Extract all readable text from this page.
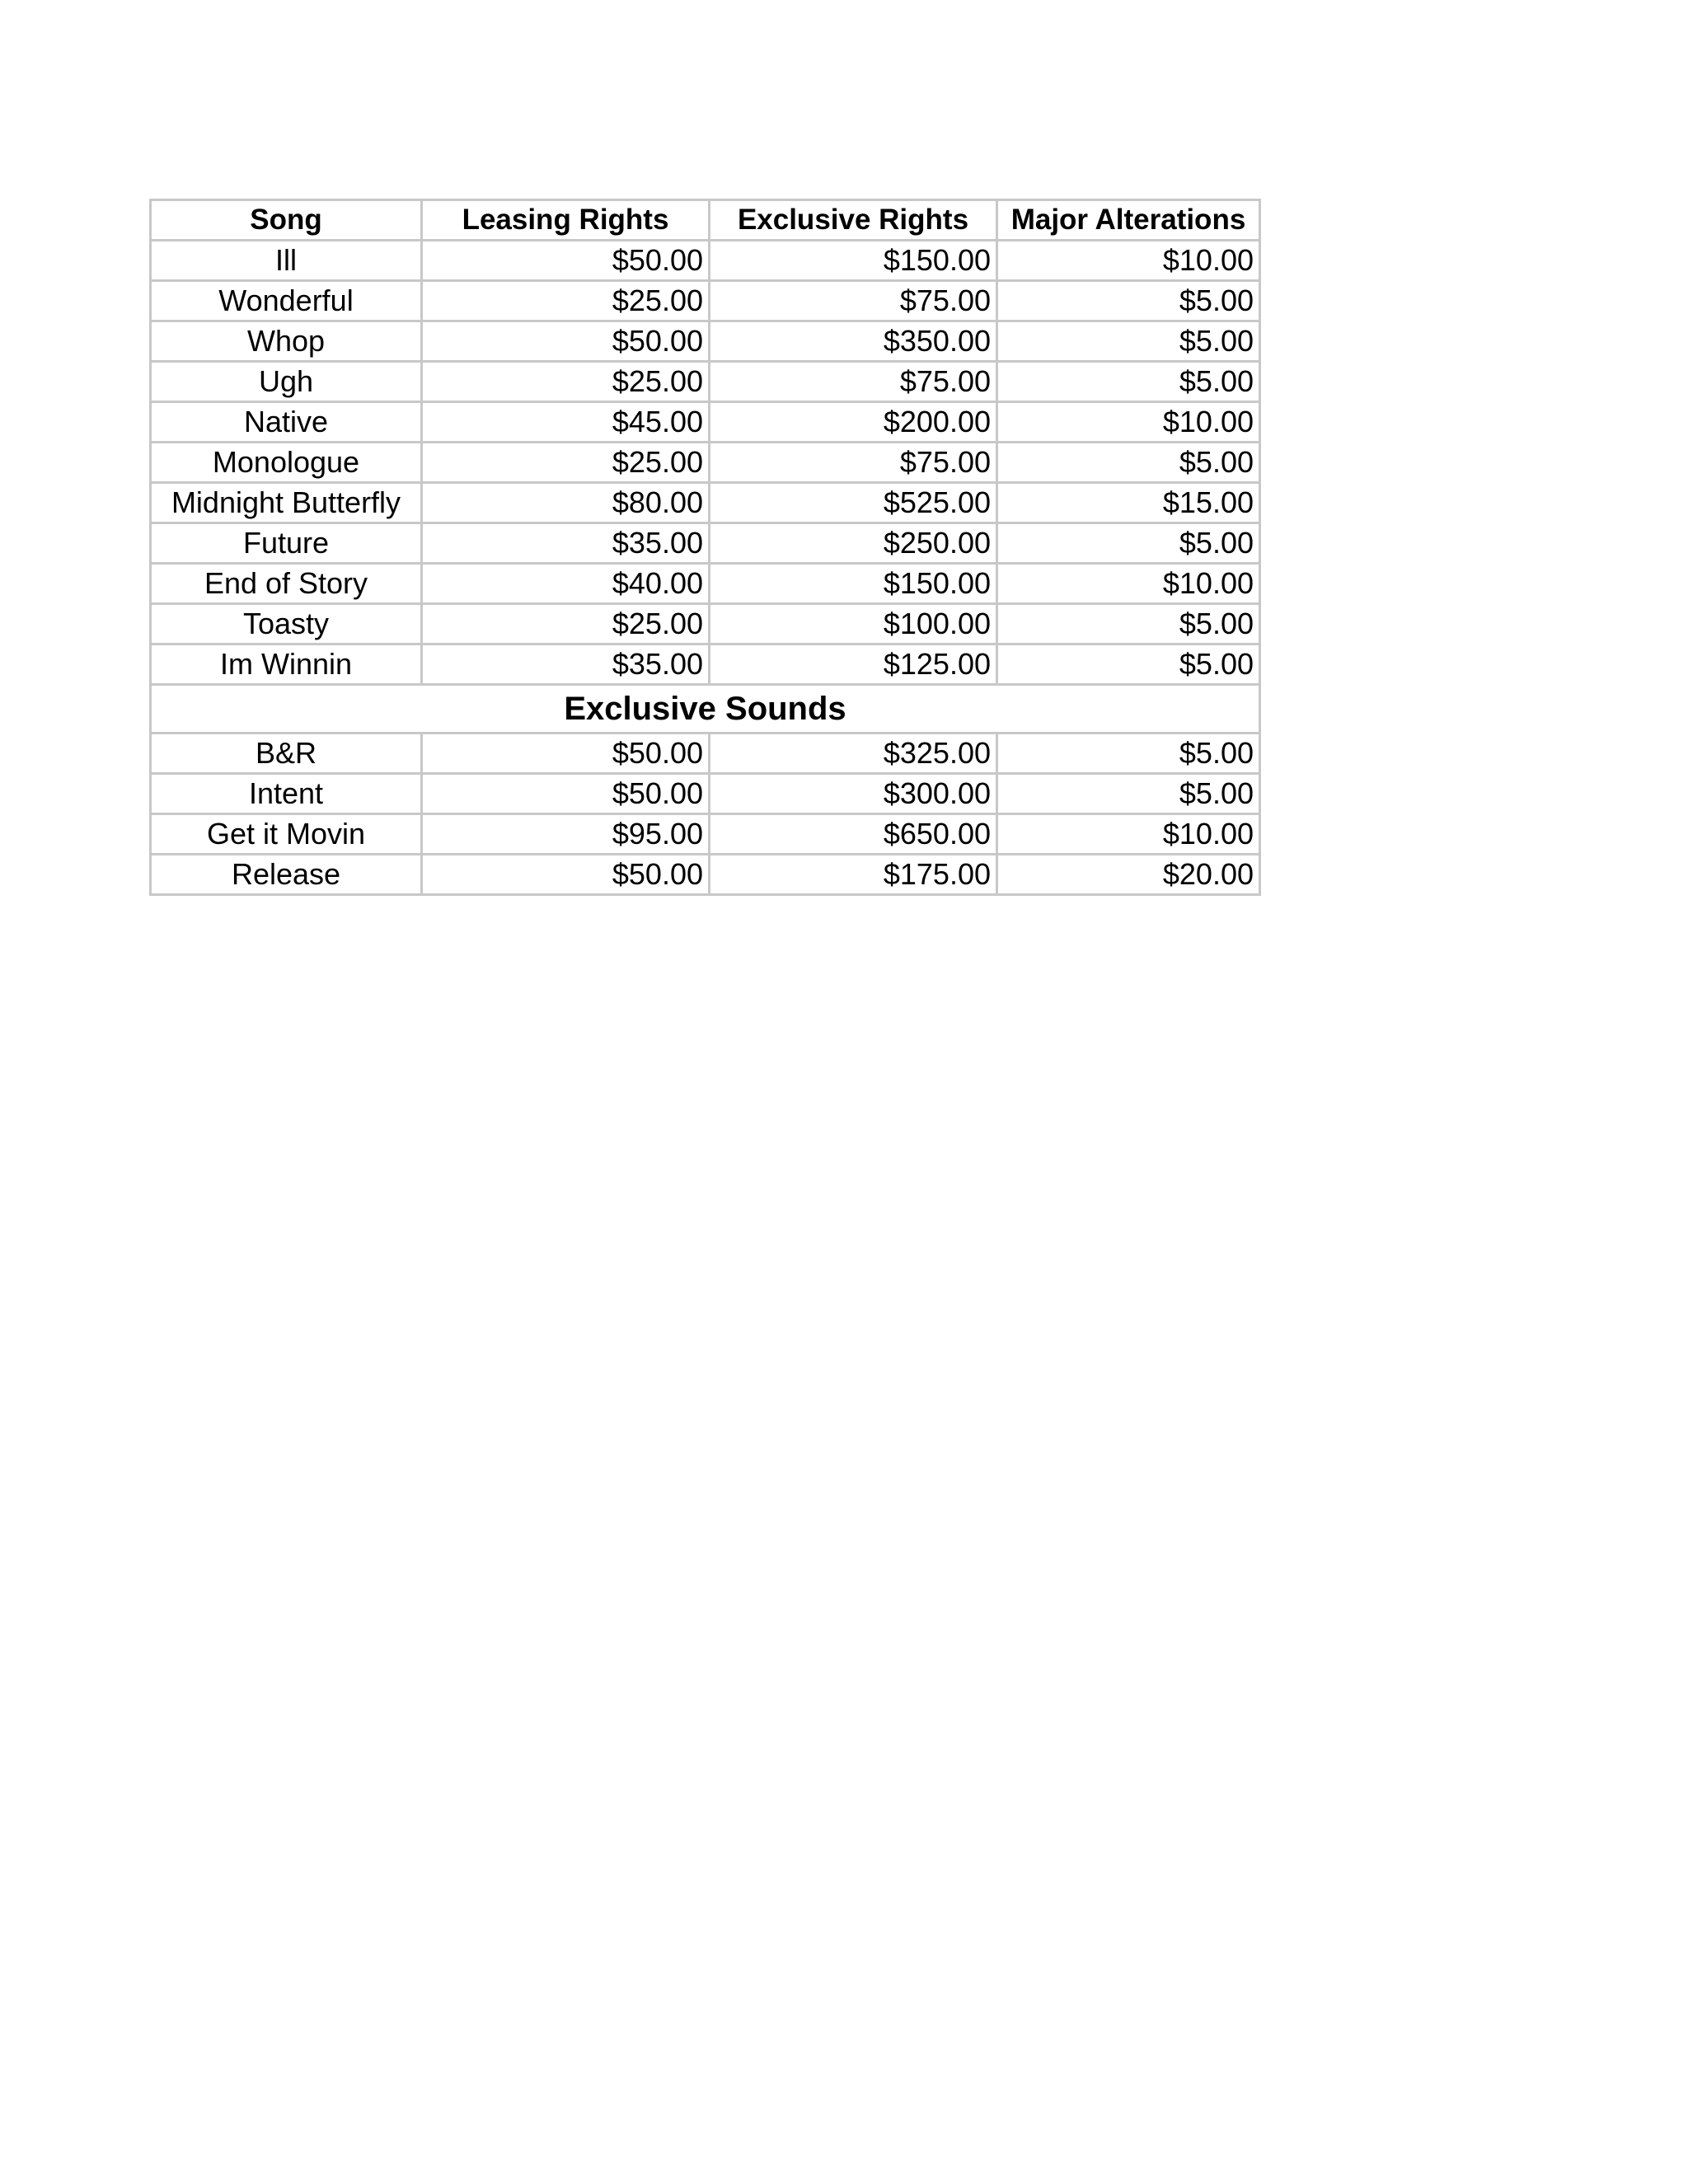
Song	Leasing Rights	Exclusive Rights	Major Alterations
Ill	$50.00	$150.00	$10.00
Wonderful	$25.00	$75.00	$5.00
Whop	$50.00	$350.00	$5.00
Ugh	$25.00	$75.00	$5.00
Native	$45.00	$200.00	$10.00
Monologue	$25.00	$75.00	$5.00
Midnight Butterfly	$80.00	$525.00	$15.00
Future	$35.00	$250.00	$5.00
End of Story	$40.00	$150.00	$10.00
Toasty	$25.00	$100.00	$5.00
Im Winnin	$35.00	$125.00	$5.00
Exclusive Sounds			
B&R	$50.00	$325.00	$5.00
Intent	$50.00	$300.00	$5.00
Get it Movin	$95.00	$650.00	$10.00
Release	$50.00	$175.00	$20.00
